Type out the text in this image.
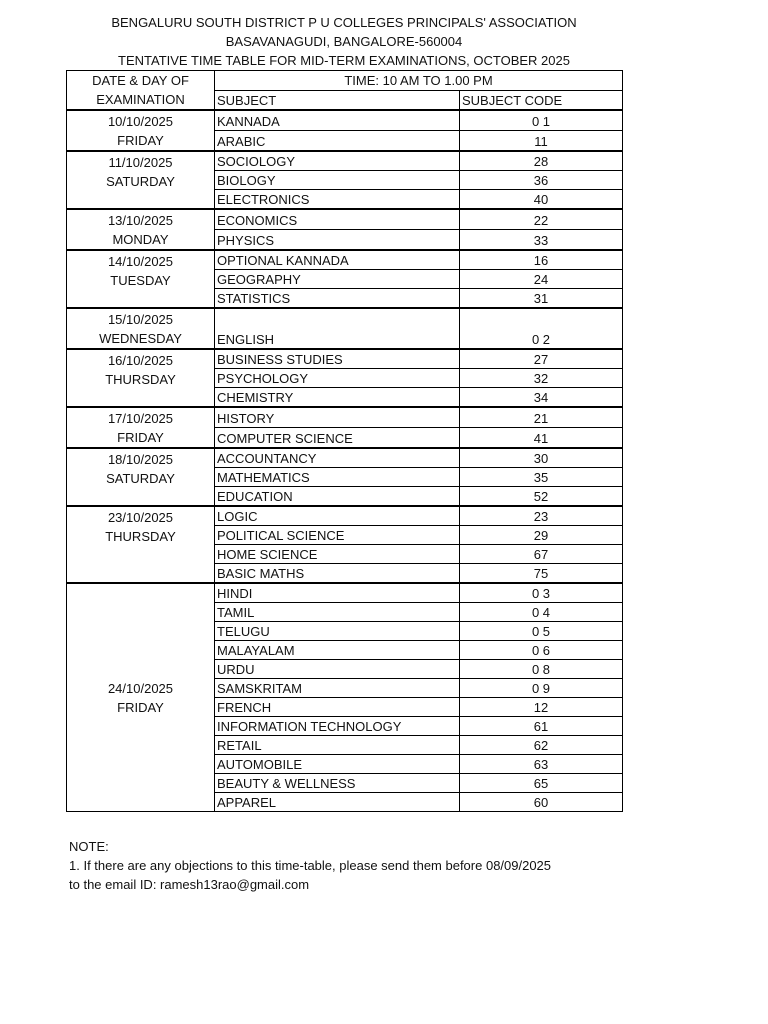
BENGALURU SOUTH DISTRICT P U COLLEGES PRINCIPALS' ASSOCIATION
BASAVANAGUDI, BANGALORE-560004
TENTATIVE TIME TABLE FOR MID-TERM EXAMINATIONS, OCTOBER 2025
DATE & DAY OF
EXAMINATION	TIME: 10 AM TO 1.00 PM	
	SUBJECT	SUBJECT CODE

10/10/2025
FRIDAY	KANNADA	0 1
	ARABIC	11

11/10/2025
SATURDAY	SOCIOLOGY	28
	BIOLOGY	36
	ELECTRONICS	40

13/10/2025
MONDAY	ECONOMICS	22
	PHYSICS	33

14/10/2025
TUESDAY	OPTIONAL KANNADA	16
	GEOGRAPHY	24
	STATISTICS	31

15/10/2025
WEDNESDAY	ENGLISH	0 2

16/10/2025
THURSDAY	BUSINESS STUDIES	27
	PSYCHOLOGY	32
	CHEMISTRY	34

17/10/2025
FRIDAY	HISTORY	21
	COMPUTER SCIENCE	41

18/10/2025
SATURDAY	ACCOUNTANCY	30
	MATHEMATICS	35
	EDUCATION	52

23/10/2025
THURSDAY	LOGIC	23
	POLITICAL SCIENCE	29
	HOME SCIENCE	67
	BASIC MATHS	75

24/10/2025
FRIDAY	HINDI	0 3
	TAMIL	0 4
	TELUGU	0 5
	MALAYALAM	0 6
	URDU	0 8
	SAMSKRITAM	0 9
	FRENCH	12
	INFORMATION TECHNOLOGY	61
	RETAIL	62
	AUTOMOBILE	63
	BEAUTY & WELLNESS	65
	APPAREL	60
NOTE:
1. If there are any objections to this time-table, please send them before 08/09/2025
to the email ID: ramesh13rao@gmail.com
